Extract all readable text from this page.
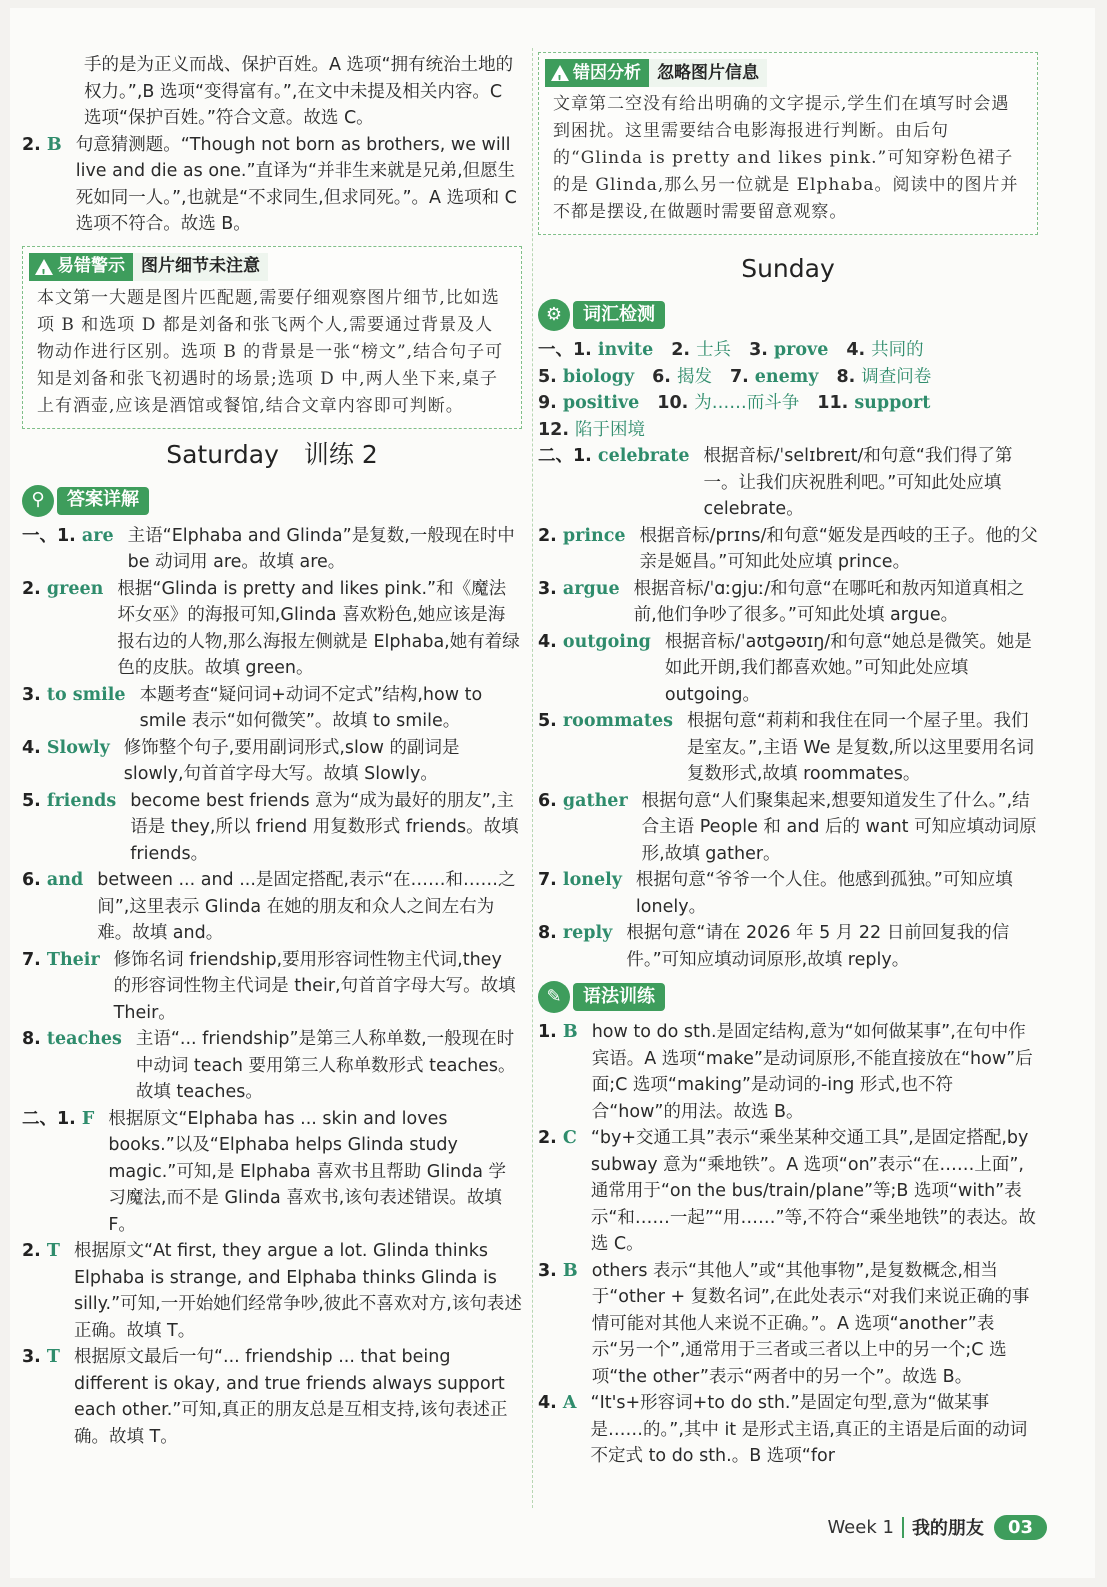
手的是为正义而战、保护百姓。A 选项“拥有统治土地的权力。”,B 选项“变得富有。”,在文中未提及相关内容。C 选项“保护百姓。”符合文意。故选 C。
2. B 句意猜测题。“Though not born as brothers, we will live and die as one.”直译为“并非生来就是兄弟,但愿生死如同一人。”,也就是“不求同生,但求同死。”。A 选项和 C 选项不符合。故选 B。
!
易错警示 图片细节未注意
本文第一大题是图片匹配题,需要仔细观察图片细节,比如选项 B 和选项 D 都是刘备和张飞两个人,需要通过背景及人物动作进行区别。选项 B 的背景是一张“榜文”,结合句子可知是刘备和张飞初遇时的场景;选项 D 中,两人坐下来,桌子上有酒壶,应该是酒馆或餐馆,结合文章内容即可判断。
Saturday　训练 2
⚲	答案详解
一、1. are 主语“Elphaba and Glinda”是复数,一般现在时中 be 动词用 are。故填 are。
2. green 根据“Glinda is pretty and likes pink.”和《魔法坏女巫》的海报可知,Glinda 喜欢粉色,她应该是海报右边的人物,那么海报左侧就是 Elphaba,她有着绿色的皮肤。故填 green。
3. to smile 本题考查“疑问词+动词不定式”结构,how to smile 表示“如何微笑”。故填 to smile。
4. Slowly 修饰整个句子,要用副词形式,slow 的副词是 slowly,句首首字母大写。故填 Slowly。
5. friends become best friends 意为“成为最好的朋友”,主语是 they,所以 friend 用复数形式 friends。故填 friends。
6. and between ... and ...是固定搭配,表示“在……和……之间”,这里表示 Glinda 在她的朋友和众人之间左右为难。故填 and。
7. Their 修饰名词 friendship,要用形容词性物主代词,they 的形容词性物主代词是 their,句首首字母大写。故填 Their。
8. teaches 主语“... friendship”是第三人称单数,一般现在时中动词 teach 要用第三人称单数形式 teaches。故填 teaches。
二、1. F 根据原文“Elphaba has ... skin and loves books.”以及“Elphaba helps Glinda study magic.”可知,是 Elphaba 喜欢书且帮助 Glinda 学习魔法,而不是 Glinda 喜欢书,该句表述错误。故填 F。
2. T 根据原文“At first, they argue a lot. Glinda thinks Elphaba is strange, and Elphaba thinks Glinda is silly.”可知,一开始她们经常争吵,彼此不喜欢对方,该句表述正确。故填 T。
3. T 根据原文最后一句“... friendship ... that being different is okay, and true friends always support each other.”可知,真正的朋友总是互相支持,该句表述正确。故填 T。
!
错因分析 忽略图片信息
文章第二空没有给出明确的文字提示,学生们在填写时会遇到困扰。这里需要结合电影海报进行判断。由后句的“Glinda is pretty and likes pink.”可知穿粉色裙子的是 Glinda,那么另一位就是 Elphaba。阅读中的图片并不都是摆设,在做题时需要留意观察。
Sunday
⚙	词汇检测
一、1. invite 2. 士兵 3. prove 4. 共同的
5. biology 6. 揭发 7. enemy 8. 调查问卷
9. positive 10. 为……而斗争 11. support
12. 陷于困境
二、1. celebrate 根据音标/ˈselɪbreɪt/和句意“我们得了第一。让我们庆祝胜利吧。”可知此处应填 celebrate。
2. prince 根据音标/prɪns/和句意“姬发是西岐的王子。他的父亲是姬昌。”可知此处应填 prince。
3. argue 根据音标/ˈɑːɡjuː/和句意“在哪吒和敖丙知道真相之前,他们争吵了很多。”可知此处填 argue。
4. outgoing 根据音标/ˈaʊtɡəʊɪŋ/和句意“她总是微笑。她是如此开朗,我们都喜欢她。”可知此处应填 outgoing。
5. roommates 根据句意“莉莉和我住在同一个屋子里。我们是室友。”,主语 We 是复数,所以这里要用名词复数形式,故填 roommates。
6. gather 根据句意“人们聚集起来,想要知道发生了什么。”,结合主语 People 和 and 后的 want 可知应填动词原形,故填 gather。
7. lonely 根据句意“爷爷一个人住。他感到孤独。”可知应填 lonely。
8. reply 根据句意“请在 2026 年 5 月 22 日前回复我的信件。”可知应填动词原形,故填 reply。
✎	语法训练
1. B how to do sth.是固定结构,意为“如何做某事”,在句中作宾语。A 选项“make”是动词原形,不能直接放在“how”后面;C 选项“making”是动词的-ing 形式,也不符合“how”的用法。故选 B。
2. C “by+交通工具”表示“乘坐某种交通工具”,是固定搭配,by subway 意为“乘地铁”。A 选项“on”表示“在……上面”,通常用于“on the bus/train/plane”等;B 选项“with”表示“和……一起”“用……”等,不符合“乘坐地铁”的表达。故选 C。
3. B others 表示“其他人”或“其他事物”,是复数概念,相当于“other + 复数名词”,在此处表示“对我们来说正确的事情可能对其他人来说不正确。”。A 选项“another”表示“另一个”,通常用于三者或三者以上中的另一个;C 选项“the other”表示“两者中的另一个”。故选 B。
4. A “It's+形容词+to do sth.”是固定句型,意为“做某事是……的。”,其中 it 是形式主语,真正的主语是后面的动词不定式 to do sth.。B 选项“for
Week 1	我的朋友	03
